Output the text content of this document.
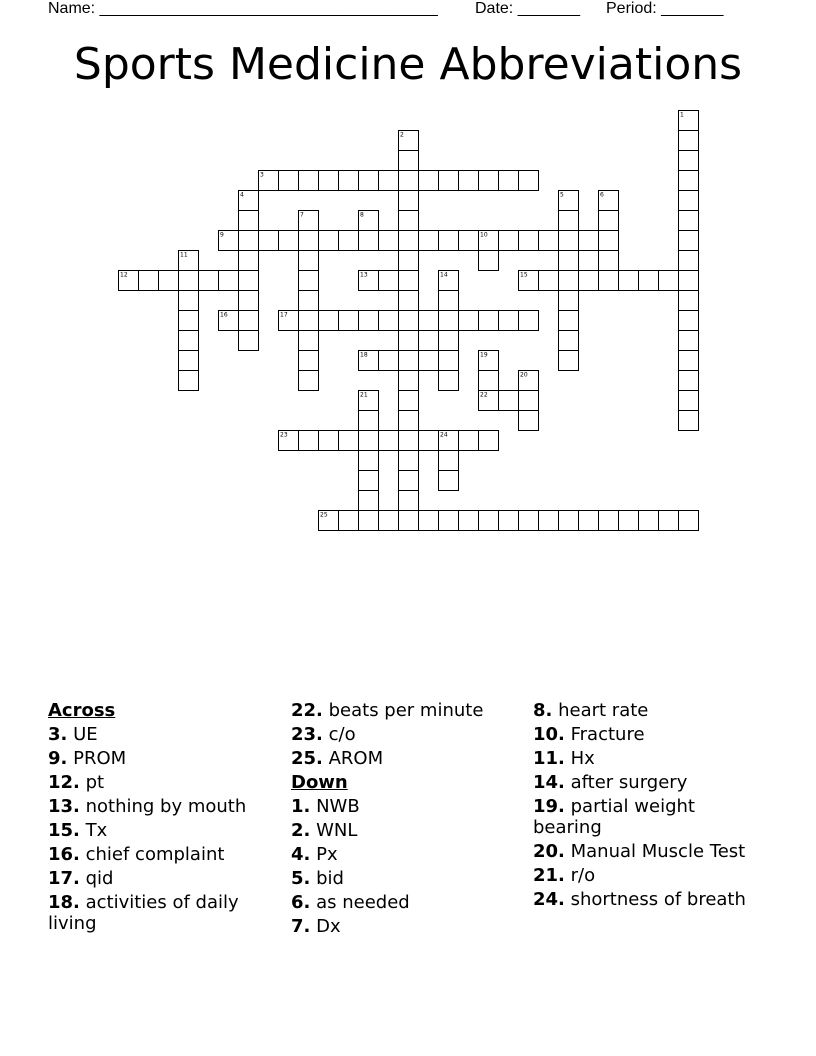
Name: ______________________________________ Date: _______ Period: _______
Sports Medicine Abbreviations
1
2
3
4	5	6
7	8
9	10
11
12	13	14	15
16	17
18	19
20
21	22
23	24
25
Across
3. UE
9. PROM
12. pt
13. nothing by mouth
15. Tx
16. chief complaint
17. qid
18. activities of daily living
22. beats per minute
23. c/o
25. AROM
Down
1. NWB
2. WNL
4. Px
5. bid
6. as needed
7. Dx
8. heart rate
10. Fracture
11. Hx
14. after surgery
19. partial weight bearing
20. Manual Muscle Test
21. r/o
24. shortness of breath
